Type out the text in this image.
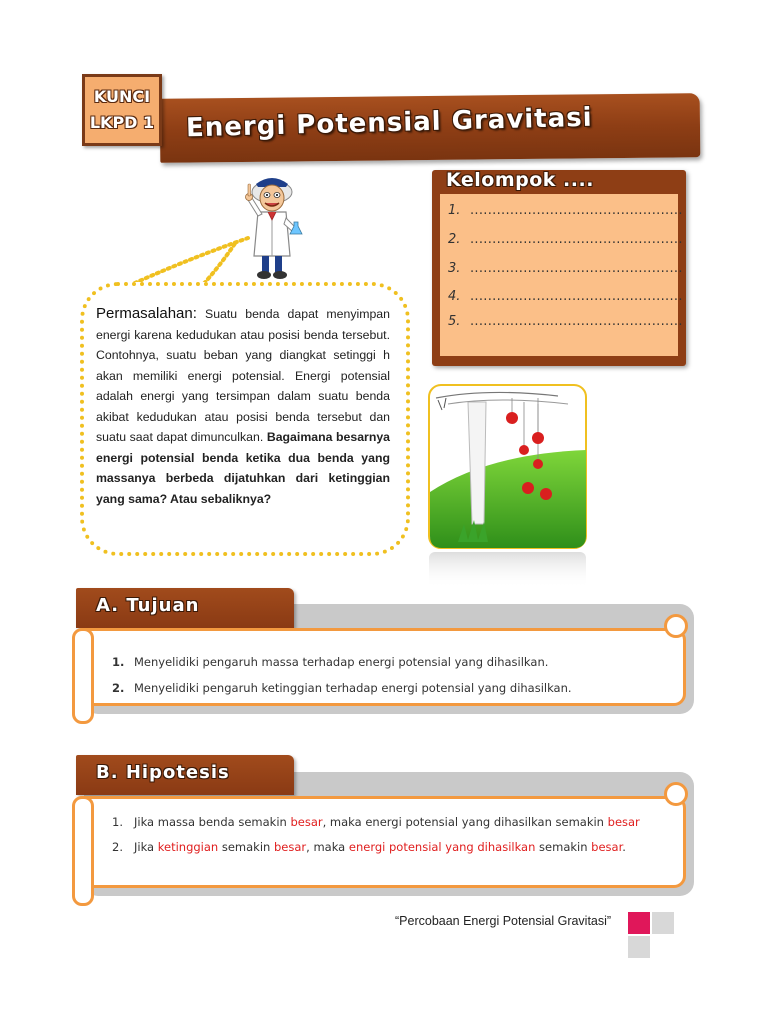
KUNCI
LKPD 1 Energi Potensial Gravitasi
Kelompok ....
1. ................................................
2. ................................................
3. ................................................
4. ................................................
5. ................................................
Permasalahan: Suatu benda dapat menyimpan energi karena kedudukan atau posisi benda tersebut. Contohnya, suatu beban yang diangkat setinggi h akan memiliki energi potensial. Energi potensial adalah energi yang tersimpan dalam suatu benda akibat kedudukan atau posisi benda tersebut dan suatu saat dapat dimunculkan. Bagaimana besarnya energi potensial benda ketika dua benda yang massanya berbeda dijatuhkan dari ketinggian yang sama? Atau sebaliknya?
A. Tujuan
1. Menyelidiki pengaruh massa terhadap energi potensial yang dihasilkan.
2. Menyelidiki pengaruh ketinggian terhadap energi potensial yang dihasilkan.
B. Hipotesis
1. Jika massa benda semakin besar, maka energi potensial yang dihasilkan semakin besar
2. Jika ketinggian semakin besar, maka energi potensial yang dihasilkan semakin besar.
“Percobaan Energi Potensial Gravitasi”
